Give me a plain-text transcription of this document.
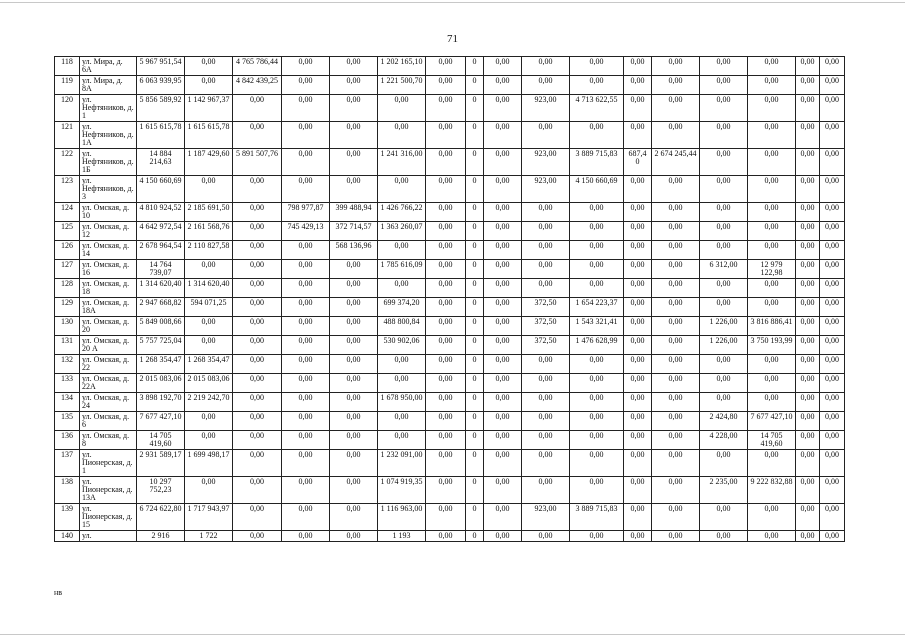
71
118	ул. Мира, д. 6А	5 967 951,54	0,00	4 765 786,44	0,00	0,00	1 202 165,10	0,00	0	0,00	0,00	0,00	0,00	0,00	0,00	0,00	0,00	0,00
119	ул. Мира, д. 8А	6 063 939,95	0,00	4 842 439,25	0,00	0,00	1 221 500,70	0,00	0	0,00	0,00	0,00	0,00	0,00	0,00	0,00	0,00	0,00
120	ул. Нефтяников, д. 1	5 856 589,92	1 142 967,37	0,00	0,00	0,00	0,00	0,00	0	0,00	923,00	4 713 622,55	0,00	0,00	0,00	0,00	0,00	0,00
121	ул. Нефтяников, д. 1А	1 615 615,78	1 615 615,78	0,00	0,00	0,00	0,00	0,00	0	0,00	0,00	0,00	0,00	0,00	0,00	0,00	0,00	0,00
122	ул. Нефтяников, д. 1Б	14 884 214,63	1 187 429,60	5 891 507,76	0,00	0,00	1 241 316,00	0,00	0	0,00	923,00	3 889 715,83	687,4 0	2 674 245,44	0,00	0,00	0,00	0,00
123	ул. Нефтяников, д. 3	4 150 660,69	0,00	0,00	0,00	0,00	0,00	0,00	0	0,00	923,00	4 150 660,69	0,00	0,00	0,00	0,00	0,00	0,00
124	ул. Омская, д. 10	4 810 924,52	2 185 691,50	0,00	798 977,87	399 488,94	1 426 766,22	0,00	0	0,00	0,00	0,00	0,00	0,00	0,00	0,00	0,00	0,00
125	ул. Омская, д. 12	4 642 972,54	2 161 568,76	0,00	745 429,13	372 714,57	1 363 260,07	0,00	0	0,00	0,00	0,00	0,00	0,00	0,00	0,00	0,00	0,00
126	ул. Омская, д. 14	2 678 964,54	2 110 827,58	0,00	0,00	568 136,96	0,00	0,00	0	0,00	0,00	0,00	0,00	0,00	0,00	0,00	0,00	0,00
127	ул. Омская, д. 16	14 764 739,07	0,00	0,00	0,00	0,00	1 785 616,09	0,00	0	0,00	0,00	0,00	0,00	0,00	6 312,00	12 979 122,98	0,00	0,00
128	ул. Омская, д. 18	1 314 620,40	1 314 620,40	0,00	0,00	0,00	0,00	0,00	0	0,00	0,00	0,00	0,00	0,00	0,00	0,00	0,00	0,00
129	ул. Омская, д. 18А	2 947 668,82	594 071,25	0,00	0,00	0,00	699 374,20	0,00	0	0,00	372,50	1 654 223,37	0,00	0,00	0,00	0,00	0,00	0,00
130	ул. Омская, д. 20	5 849 008,66	0,00	0,00	0,00	0,00	488 800,84	0,00	0	0,00	372,50	1 543 321,41	0,00	0,00	1 226,00	3 816 886,41	0,00	0,00
131	ул. Омская, д. 20 А	5 757 725,04	0,00	0,00	0,00	0,00	530 902,06	0,00	0	0,00	372,50	1 476 628,99	0,00	0,00	1 226,00	3 750 193,99	0,00	0,00
132	ул. Омская, д. 22	1 268 354,47	1 268 354,47	0,00	0,00	0,00	0,00	0,00	0	0,00	0,00	0,00	0,00	0,00	0,00	0,00	0,00	0,00
133	ул. Омская, д. 22А	2 015 083,06	2 015 083,06	0,00	0,00	0,00	0,00	0,00	0	0,00	0,00	0,00	0,00	0,00	0,00	0,00	0,00	0,00
134	ул. Омская, д. 24	3 898 192,70	2 219 242,70	0,00	0,00	0,00	1 678 950,00	0,00	0	0,00	0,00	0,00	0,00	0,00	0,00	0,00	0,00	0,00
135	ул. Омская, д. 6	7 677 427,10	0,00	0,00	0,00	0,00	0,00	0,00	0	0,00	0,00	0,00	0,00	0,00	2 424,80	7 677 427,10	0,00	0,00
136	ул. Омская, д. 8	14 705 419,60	0,00	0,00	0,00	0,00	0,00	0,00	0	0,00	0,00	0,00	0,00	0,00	4 228,00	14 705 419,60	0,00	0,00
137	ул. Пионерская, д. 1	2 931 589,17	1 699 498,17	0,00	0,00	0,00	1 232 091,00	0,00	0	0,00	0,00	0,00	0,00	0,00	0,00	0,00	0,00	0,00
138	ул. Пионерская, д. 13А	10 297 752,23	0,00	0,00	0,00	0,00	1 074 919,35	0,00	0	0,00	0,00	0,00	0,00	0,00	2 235,00	9 222 832,88	0,00	0,00
139	ул. Пионерская, д. 15	6 724 622,80	1 717 943,97	0,00	0,00	0,00	1 116 963,00	0,00	0	0,00	923,00	3 889 715,83	0,00	0,00	0,00	0,00	0,00	0,00
140	ул.	2 916	1 722	0,00	0,00	0,00	1 193	0,00	0	0,00	0,00	0,00	0,00	0,00	0,00	0,00	0,00	0,00
нв
